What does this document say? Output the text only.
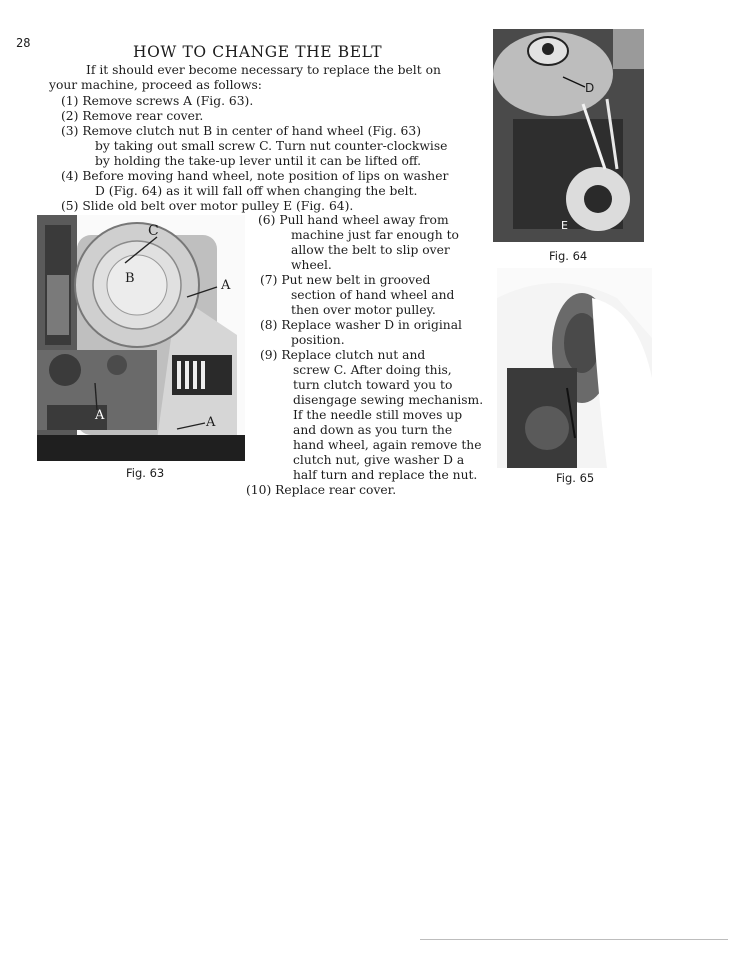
28	HOW TO CHANGE THE BELT
If it should ever become necessary to replace the belt on
your machine, proceed as follows:
(1) Remove screws A (Fig. 63).
(2) Remove rear cover.
(3) Remove clutch nut B in center of hand wheel (Fig. 63)
by taking out small screw C. Turn nut counter-clockwise
by holding the take-up lever until it can be lifted off.
(4) Before moving hand wheel, note position of lips on washer
D (Fig. 64) as it will fall off when changing the belt.
(5) Slide old belt over motor pulley E (Fig. 64).
(6) Pull hand wheel away from
machine just far enough to
allow the belt to slip over
wheel.
(7) Put new belt in grooved
section of hand wheel and
then over motor pulley.
(8) Replace washer D in original
position.
(9) Replace clutch nut and
screw C. After doing this,
turn clutch toward you to
disengage sewing mechanism.
If the needle still moves up
and down as you turn the
hand wheel, again remove the
clutch nut, give washer D a
half turn and replace the nut.
(10) Replace rear cover.
C
B	A
A	A
Fig. 63
D
E
Fig. 64
Fig. 65
